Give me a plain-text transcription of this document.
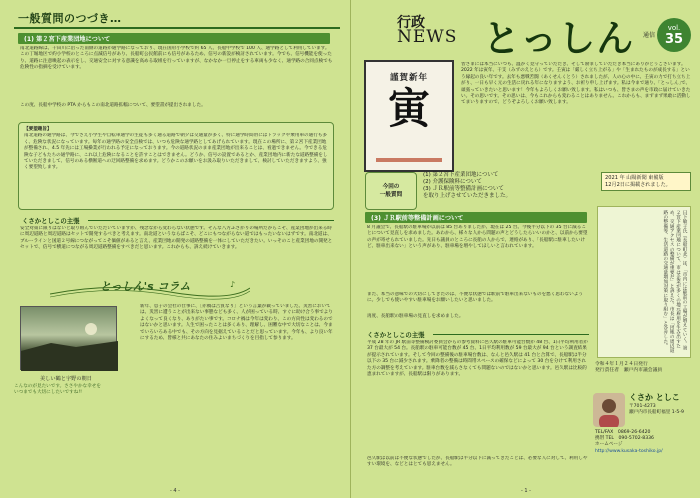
一般質問のつづき…
(1) 第２宮下産業団地について
南北道路線は、千田川に沿った南側の道路が通学路になっており、現在国府小学校で約 65 人、長船中学校で 100 人、通学路として利用しています。この丁堀地区で約小学校のところに点滅信号があり、長船町公民館前にも信号があるため、信号の新設が検討されています。今でも、信号機能を使ったり、道路に注意喚起の表示をし、交通安全に対する意識を高める取組を行っていますが、なかなか一旦停止をする車両も少なく、通学路の合同点検でも危険性の指摘を受けています。
この度、長船中学校の PTA からもこの南北道路拡幅について、要望書が提出されました。
【要望趣旨】
南北道路の通学路は、今でさえ小学生や自転車通学の生徒も多く通る道路で朝夕は交通量が多く、特に通学時間帯にはトラックや乗用車の通行も多く、危険な状況になっています。毎年の通学路の安全点検では、いつも危険な通学路としてあげられています。現在この場所に、第２宮下産業団地が整備され、4.5 年先には工場操業が行われる予定になっております。今の道路状況のまま産業団地が出来ることは、看過できません。今できる危険な子どもたちの通学路に、これ以上危険になることを許すことはできません。どうか、信号の設置であるとか、産業団地内に新たな道路整備をしていただきまして、信号のある横断道への迂回路整備を求めます。どうかこのお願いをお汲み取りいただきまして、検討していただきますよう、強く要望致します。
くさかとしこの主張
安全対策に限りはないと取り組んでいただいていますが、残念ながら変わらない状態です。そんな八方ふさがりの場所だからこそ、産業団地が出来る時に周辺道路と周辺道路はセットで開発するべきと考えます。南北道というならばこそ、どこにもつながらない道ではもったいないはずです。南北道は、ブルーラインと国道２号線につながってこそ価値があると言え、産業団地の開発の道路整備を一体にしていただきたい。いっそのこと産業団地の開発とセットで、信号で横道につながる周辺道路整備をすべきだと思います。これからも、訴え続けていきます。
とっしん's コラム	♪
美しい鶴と宇野の朝日
こんなのが見たいです。ささやかな幸せを
いつまでも大切にしたいですね!!
新年、息子の会社の仕事に、［赤禍は吉質なり］という言葉が載っていました。災害においては、災害に遭うことが出来ない事態なども多く、人が困っている時、すぐに助け合う事でよりよくなって良くなり、ありがたい事です。コロナ禍は今年は変わり、この方向性は変わるのではないかと思います。人生で困ったことは多くあり、理解し、困難な中で大切なことは、今までいろいろある中でも、その方向を見据えていることだと思っています。今年も、より良い年にするため、皆様と共にあなたの住みよいまちづくりを目指して参ります。
- 4 -
行政
NEWS とっしん 通信
vol.
35
謹賀新年
寅
皆さまには本当にいつも、温かく見守っていただき、そして励ましていただき本当にありがとうございます。2022 年は寅年、干支（みずのえとら）です。壬寅は「厳しく立ち上がる」や「生まれたものが成長する」という縁起の良い年です。去年も悪戦苦闘（あくせんくとう）されましたが、人の心の中に、壬寅の力で打ち立ち上がり、一日も早く元の生活に戻れる年になりますよう、お祈り申し上げます。私は今まで通り、｢とっしん｣で、頑張っていきたいと思います！今年もよろしくお願い致します。私はいつも、皆さまの声を市政に届けていきたい。その思いです。その思いは、今もこれからも変わることはありません。これからも、まずまず果敢に活動してまいりますので、どうぞよろしくお願い致します。
今回の
一般質問
(1) 第２宮下産業団地について
(2) 介護保険料について
(3) ＪＲ駅前等整備計画について
を取り上げさせていただきました。
2021 年 山陽新聞 東備版
12月2日に掲載されました。
(3) ＪＲ駅前等整備計画について
8 月議会で、長船駅の駐車場が以前は 85 台ありましたが、現在は 25 台。今後半分以下の 35 台に減ることについて見直しを求めました。あわから、様々な人から問題の声とどうしたらいいのかと、以前から要望の声が寄せられていました。先日も議員のところに長船の人からで、連絡があり、「長船駅に駐車したいけど、駐車出来ない」という声があり、駐車場を増やしてほしいと言われています。
また、本当の意味での大切にしてきたのは、不便な状態では駅前で駐車出来ないものを悪く思わないように。少しでも使いやすい駐車場をお願いしたいと思いました。
再度、長船駅の駐車場の見直しを求めました。
くさかとしこの主張
平成 28 年の JR 駅前等整備検討委員会からの参考資料に邑久駅の駐車可能台数が 48 台、1日平均利用者が 37 台最大が 54 台。長船駅の駐車可能台数が 45 台、1日平均利用数が 59 台最大が 94 台という調査結果が提示されています。そして今回の整備後の駐車場台数は、なんと邑久駅は 41 台と合算で、長船駅は半分以下の 35 台に減少されます。乗降者の整備は時間帯スペースの確保などによって 30 台を分けて利用された方の調整を考えています。駐車台数を減らさなくても問題ないのではないかと思います。邑久駅は比較的恵まれていますが、長船駅は限りがあります。
邑久駅は以前は不便な状態でしたが、長船駅は半分以下に減ってきたことは、必要な人に対して、利用しやすい環境を、などとはとても思えません。
日下敏子氏（長船町北）は、「市内には駅前の工場が増えていく。第２宮下産業団地について、市は企業が多くの地元雇用を生み出すため、交通アクセスの整備が重要だ」と訴えた。市長は「団地の周辺道路の整備等、生活道路の交通量増加対策に取り組む」と答弁した。
令和４年１月２４日発行
発行責任者　瀬戸内市議会議員
くさか としこ
〒701-4273
瀬戸内市長船町福里 1-5-9
TEL/FAX　0869-26-6420
携帯 TEL　090-5702-8336
ホームページ
http://www.kusaka-toshiko.jp/
- 1 -
